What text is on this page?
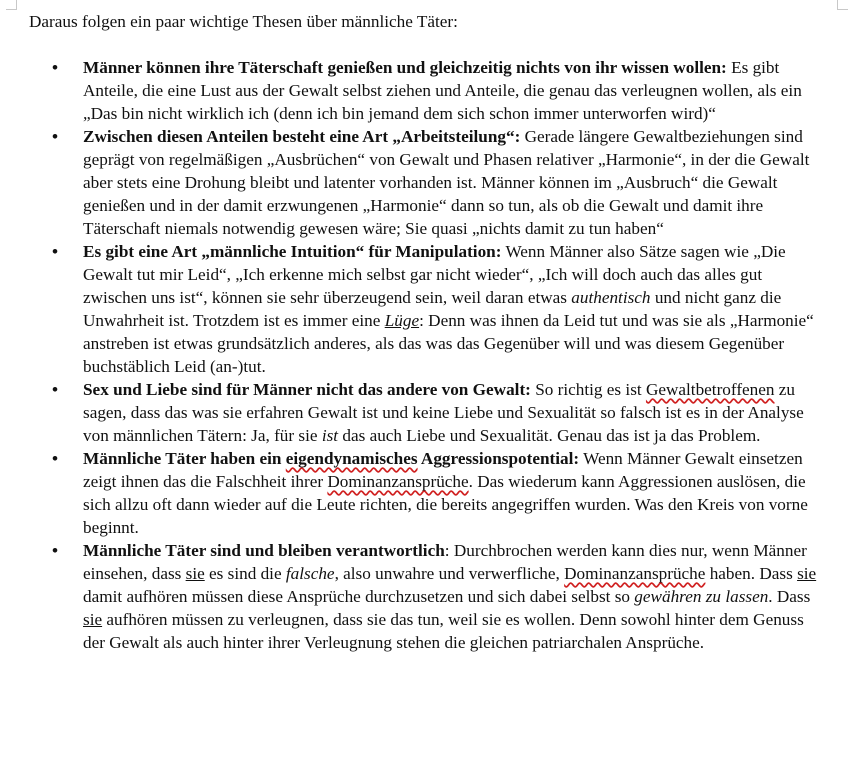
Daraus folgen ein paar wichtige Thesen über männliche Täter:

• Männer können ihre Täterschaft genießen und gleichzeitig nichts von ihr wissen wollen: Es gibt Anteile, die eine Lust aus der Gewalt selbst ziehen und Anteile, die genau das verleugnen wollen, als ein „Das bin nicht wirklich ich (denn ich bin jemand dem sich schon immer unterworfen wird)“
• Zwischen diesen Anteilen besteht eine Art „Arbeitsteilung“: Gerade längere Gewaltbeziehungen sind geprägt von regelmäßigen „Ausbrüchen“ von Gewalt und Phasen relativer „Harmonie“, in der die Gewalt aber stets eine Drohung bleibt und latenter vorhanden ist. Männer können im „Ausbruch“ die Gewalt genießen und in der damit erzwungenen „Harmonie“ dann so tun, als ob die Gewalt und damit ihre Täterschaft niemals notwendig gewesen wäre; Sie quasi „nichts damit zu tun haben“
• Es gibt eine Art „männliche Intuition“ für Manipulation: Wenn Männer also Sätze sagen wie „Die Gewalt tut mir Leid“, „Ich erkenne mich selbst gar nicht wieder“, „Ich will doch auch das alles gut zwischen uns ist“, können sie sehr überzeugend sein, weil daran etwas authentisch und nicht ganz die Unwahrheit ist. Trotzdem ist es immer eine Lüge: Denn was ihnen da Leid tut und was sie als „Harmonie“ anstreben ist etwas grundsätzlich anderes, als das was das Gegenüber will und was diesem Gegenüber buchstäblich Leid (an-)tut.
• Sex und Liebe sind für Männer nicht das andere von Gewalt: So richtig es ist Gewaltbetroffenen zu sagen, dass das was sie erfahren Gewalt ist und keine Liebe und Sexualität so falsch ist es in der Analyse von männlichen Tätern: Ja, für sie ist das auch Liebe und Sexualität. Genau das ist ja das Problem.
• Männliche Täter haben ein eigendynamisches Aggressionspotential: Wenn Männer Gewalt einsetzen zeigt ihnen das die Falschheit ihrer Dominanzansprüche. Das wiederum kann Aggressionen auslösen, die sich allzu oft dann wieder auf die Leute richten, die bereits angegriffen wurden. Was den Kreis von vorne beginnt.
• Männliche Täter sind und bleiben verantwortlich: Durchbrochen werden kann dies nur, wenn Männer einsehen, dass sie es sind die falsche, also unwahre und verwerfliche, Dominanzansprüche haben. Dass sie damit aufhören müssen diese Ansprüche durchzusetzen und sich dabei selbst so gewähren zu lassen. Dass sie aufhören müssen zu verleugnen, dass sie das tun, weil sie es wollen. Denn sowohl hinter dem Genuss der Gewalt als auch hinter ihrer Verleugnung stehen die gleichen patriarchalen Ansprüche.
